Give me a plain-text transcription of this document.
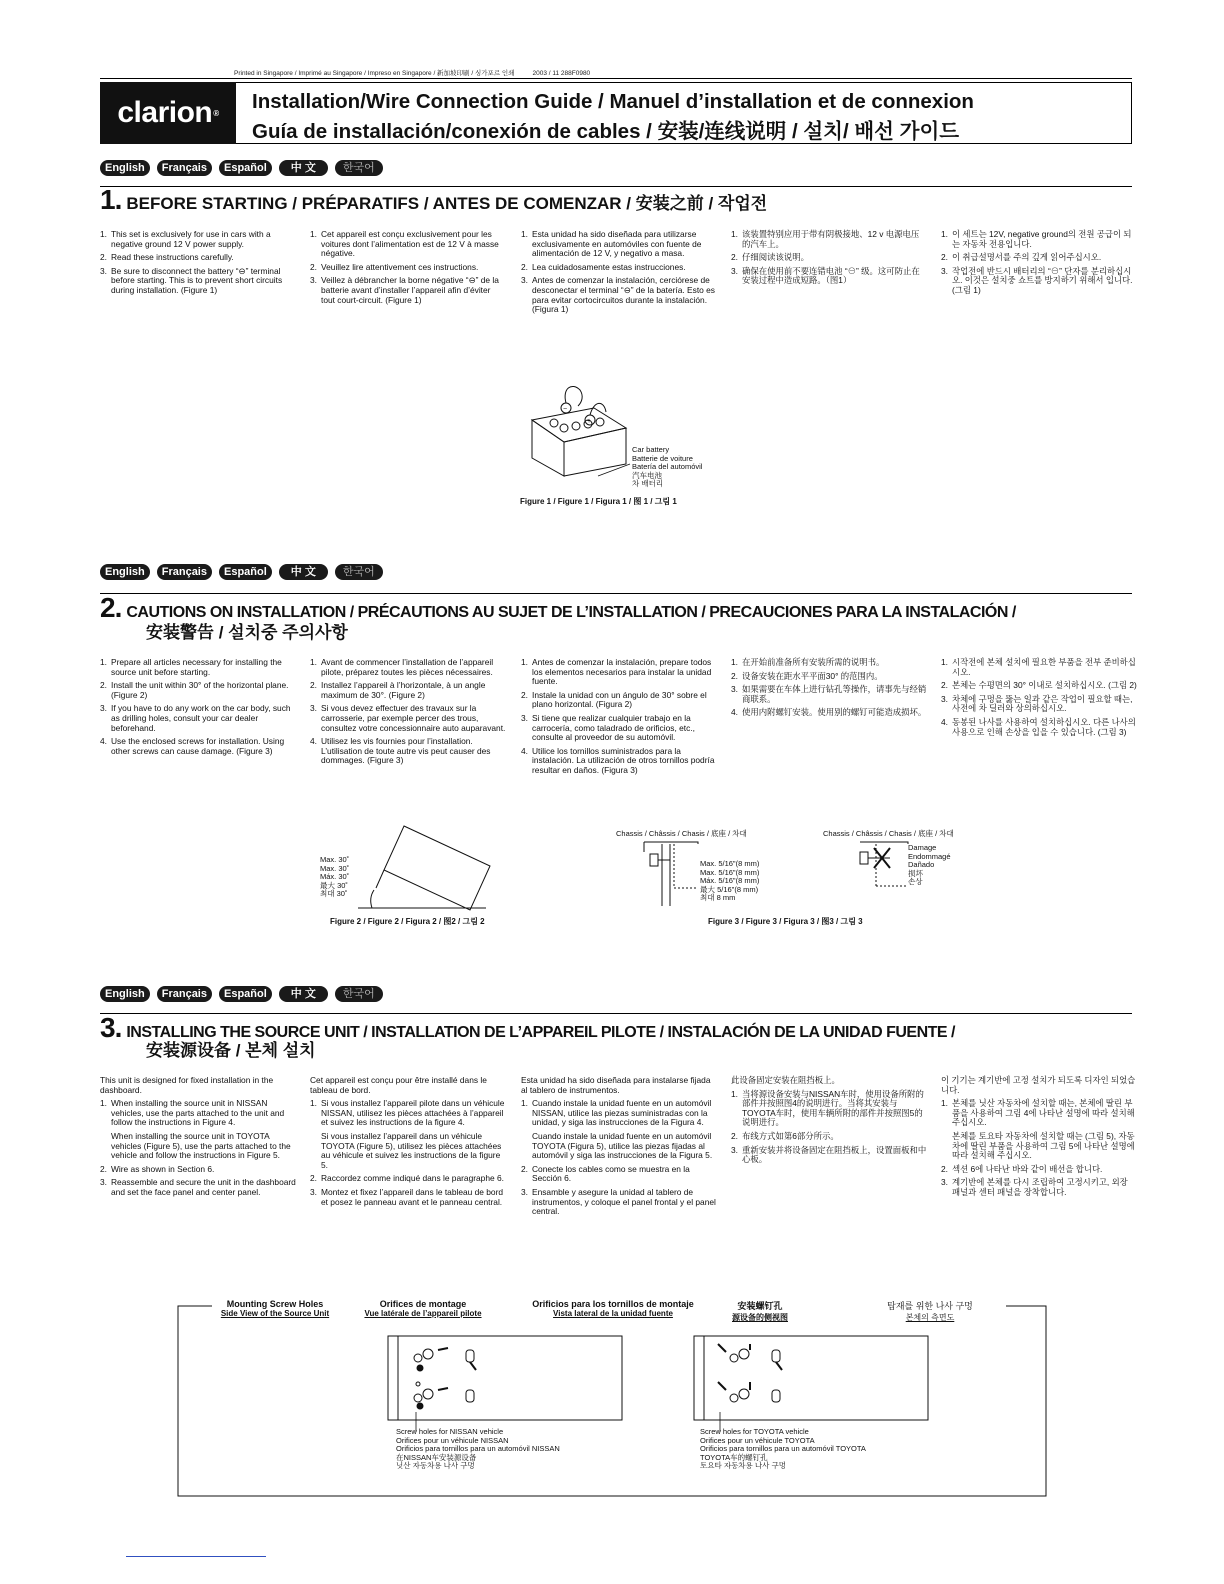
Printed in Singapore / Imprimé au Singapore / Impreso en Singapore / 新加坡印刷 / 싱가포르 인쇄	2003 / 11 288F0980
clarion ® Installation/Wire Connection Guide / Manuel d’installation et de connexion
Guía de installación/conexión de cables / 安装/连线说明 / 설치/ 배선 가이드
English	Français	Español	中 文	한국어
1. BEFORE STARTING / PRÉPARATIFS / ANTES DE COMENZAR / 安装之前 / 작업전
1. This set is exclusively for use in cars with a negative ground 12 V power supply.
2. Read these instructions carefully.
3. Be sure to disconnect the battery “⊖” terminal before starting. This is to prevent short circuits during installation. (Figure 1)
1. Cet appareil est conçu exclusivement pour les voitures dont l’alimentation est de 12 V à masse négative.
2. Veuillez lire attentivement ces instructions.
3. Veillez à débrancher la borne négative “⊖” de la batterie avant d’installer l’appareil afin d’éviter tout court-circuit. (Figure 1)
1. Esta unidad ha sido diseñada para utilizarse exclusivamente en automóviles con fuente de alimentación de 12 V, y negativo a masa.
2. Lea cuidadosamente estas instrucciones.
3. Antes de comenzar la instalación, cerciórese de desconectar el terminal “⊖” de la batería. Esto es para evitar cortocircuitos durante la instalación. (Figura 1)
1. 该装置特别应用于带有阴极接地、12 v 电源电压的汽车上。
2. 仔细阅读该说明。
3. 确保在使用前不要连错电池 “⊖” 级。这可防止在安装过程中造成短路。（图1）
1. 이 세트는 12V, negative ground의 전원 공급이 되는 자동차 전용입니다.
2. 이 취급설명서를 주의 깊게 읽어주십시오.
3. 작업전에 반드시 배터리의 “⊖” 단자를 분리하십시오. 이것은 설치중 쇼트를 방지하기 위해서 입니다. (그림 1)
−
+
Car battery
Batterie de voiture
Batería del automóvil
汽车电池
차 배터리
Figure 1 / Figure 1 / Figura 1 / 图 1 / 그림 1
English	Français	Español	中 文	한국어
2. CAUTIONS ON INSTALLATION / PRÉCAUTIONS AU SUJET DE L’INSTALLATION / PRECAUCIONES PARA LA INSTALACIÓN /
安装警告 / 설치중 주의사항
1. Prepare all articles necessary for installing the source unit before starting.
2. Install the unit within 30° of the horizontal plane. (Figure 2)
3. If you have to do any work on the car body, such as drilling holes, consult your car dealer beforehand.
4. Use the enclosed screws for installation. Using other screws can cause damage. (Figure 3)
1. Avant de commencer l’installation de l’appareil pilote, préparez toutes les pièces nécessaires.
2. Installez l’appareil à l’horizontale, à un angle maximum de 30°. (Figure 2)
3. Si vous devez effectuer des travaux sur la carrosserie, par exemple percer des trous, consultez votre concessionnaire auto auparavant.
4. Utilisez les vis fournies pour l’installation. L’utilisation de toute autre vis peut causer des dommages. (Figure 3)
1. Antes de comenzar la instalación, prepare todos los elementos necesarios para instalar la unidad fuente.
2. Instale la unidad con un ángulo de 30° sobre el plano horizontal. (Figura 2)
3. Si tiene que realizar cualquier trabajo en la carrocería, como taladrado de orificios, etc., consulte al proveedor de su automóvil.
4. Utilice los tornillos suministrados para la instalación. La utilización de otros tornillos podría resultar en daños. (Figura 3)
1. 在开始前准备所有安装所需的说明书。
2. 设备安装在距水平平面30° 的范围内。
3. 如果需要在车体上进行钻孔等操作，请事先与经销商联系。
4. 使用内附螺钉安装。使用别的螺钉可能造成损坏。
1. 시작전에 본체 설치에 필요한 부품을 전부 준비하십시오.
2. 본체는 수평면의 30° 이내로 설치하십시오. (그림 2)
3. 차체에 구멍을 뚫는 일과 같은 작업이 필요할 때는, 사전에 차 딜러와 상의하십시오.
4. 동봉된 나사를 사용하여 설치하십시오. 다른 나사의 사용으로 인해 손상을 입을 수 있습니다. (그림 3)
Max. 30˚
Max. 30˚
Máx. 30˚
最大 30˚
최대 30˚
Figure 2 / Figure 2 / Figura 2 / 图2 / 그림 2
Chassis / Châssis / Chasis / 底座 / 차대
Max. 5/16"(8 mm)
Max. 5/16"(8 mm)
Máx. 5/16"(8 mm)
最大 5/16"(8 mm)
최대 8 mm
Chassis / Châssis / Chasis / 底座 / 차대
Damage
Endommagé
Dañado
损坏
손상
Figure 3 / Figure 3 / Figura 3 / 图3 / 그림 3
English	Français	Español	中 文	한국어
3. INSTALLING THE SOURCE UNIT / INSTALLATION DE L’APPAREIL PILOTE / INSTALACIÓN DE LA UNIDAD FUENTE /
安装源设备 / 본체 설치

This unit is designed for fixed installation in the dashboard.

1. When installing the source unit in NISSAN vehicles, use the parts attached to the unit and follow the instructions in Figure 4.
When installing the source unit in TOYOTA vehicles (Figure 5), use the parts attached to the vehicle and follow the instructions in Figure 5.
2. Wire as shown in Section 6.
3. Reassemble and secure the unit in the dashboard and set the face panel and center panel.

Cet appareil est conçu pour être installé dans le tableau de bord.

1. Si vous installez l’appareil pilote dans un véhicule NISSAN, utilisez les pièces attachées à l’appareil et suivez les instructions de la figure 4.
Si vous installez l’appareil dans un véhicule TOYOTA (Figure 5), utilisez les pièces attachées au véhicule et suivez les instructions de la figure 5.
2. Raccordez comme indiqué dans le paragraphe 6.
3. Montez et fixez l’appareil dans le tableau de bord et posez le panneau avant et le panneau central.

Esta unidad ha sido diseñada para instalarse fijada al tablero de instrumentos.

1. Cuando instale la unidad fuente en un automóvil NISSAN, utilice las piezas suministradas con la unidad, y siga las instrucciones de la Figura 4.
Cuando instale la unidad fuente en un automóvil TOYOTA (Figura 5), utilice las piezas fijadas al automóvil y siga las instrucciones de la Figura 5.
2. Conecte los cables como se muestra en la Sección 6.
3. Ensamble y asegure la unidad al tablero de instrumentos, y coloque el panel frontal y el panel central.

此设备固定安装在阻挡板上。

1. 当将源设备安装与NISSAN车时，使用设备所附的部件并按照图4的说明进行。当将其安装与TOYOTA车时，使用车辆所附的部件并按照图5的说明进行。
2. 布线方式如第6部分所示。
3. 重新安装并将设备固定在阻挡板上，设置面板和中心板。

이 기기는 계기반에 고정 설치가 되도록 디자인 되었습니다.

1. 본체를 닛산 자동차에 설치할 때는, 본체에 딸린 부품을 사용하여 그림 4에 나타난 설명에 따라 설치해 주십시오.
본체를 토요타 자동차에 설치할 때는 (그림 5), 자동차에 딸린 부품을 사용하여 그림 5에 나타난 설명에 따라 설치해 주십시오.
2. 섹션 6에 나타난 바와 같이 배선을 합니다.
3. 계기반에 본체를 다시 조립하여 고정시키고, 외장 패널과 센터 패널을 장착합니다.
Mounting Screw Holes
Side View of the Source Unit
Orifices de montage
Vue latérale de l’appareil pilote
Orificios para los tornillos de montaje
Vista lateral de la unidad fuente
安装螺钉孔
源设备的侧视图
탑재를 위한 나사 구멍
본체의 측면도
Screw holes for NISSAN vehicle
Orifices pour un véhicule NISSAN
Orificios para tornillos para un automóvil NISSAN
在NISSAN车安装源设备
닛산 자동차용 나사 구멍
Screw holes for TOYOTA vehicle
Orifices pour un véhicule TOYOTA
Orificios para tornillos para un automóvil TOYOTA
TOYOTA车的螺钉孔
토요타 자동차용 나사 구멍
